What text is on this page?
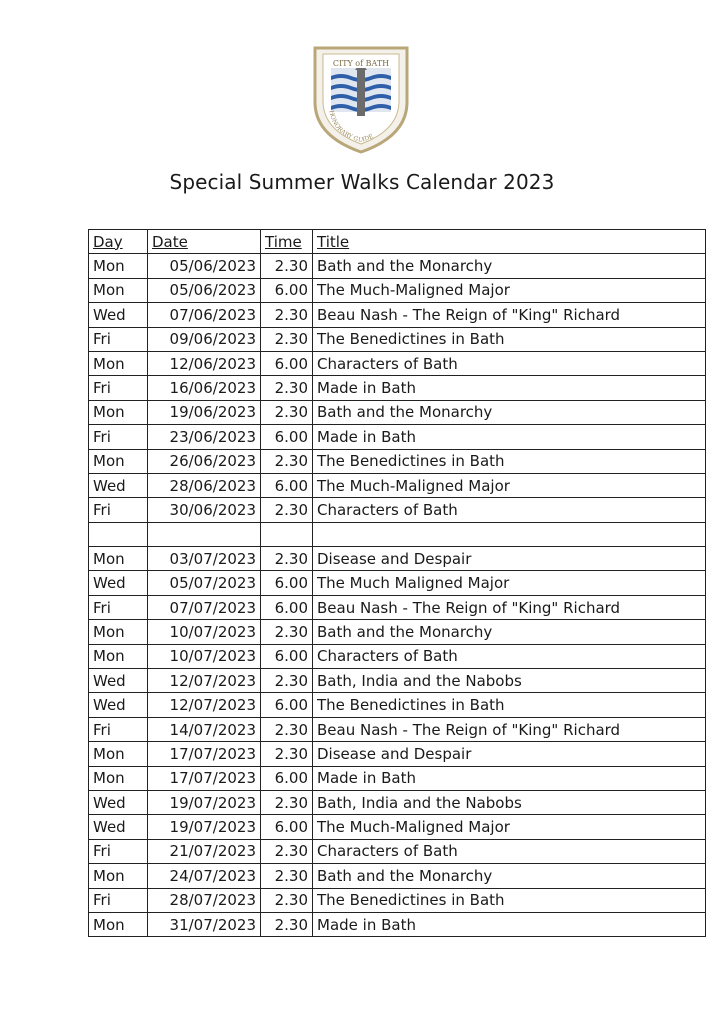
CITY of BATH
HONORARY GUIDE
Special Summer Walks Calendar 2023
Day	Date	Time	Title
Mon	05/06/2023	2.30	Bath and the Monarchy
Mon	05/06/2023	6.00	The Much-Maligned Major
Wed	07/06/2023	2.30	Beau Nash - The Reign of "King" Richard
Fri	09/06/2023	2.30	The Benedictines in Bath
Mon	12/06/2023	6.00	Characters of Bath
Fri	16/06/2023	2.30	Made in Bath
Mon	19/06/2023	2.30	Bath and the Monarchy
Fri	23/06/2023	6.00	Made in Bath
Mon	26/06/2023	2.30	The Benedictines in Bath
Wed	28/06/2023	6.00	The Much-Maligned Major
Fri	30/06/2023	2.30	Characters of Bath

Mon	03/07/2023	2.30	Disease and Despair
Wed	05/07/2023	6.00	The Much Maligned Major
Fri	07/07/2023	6.00	Beau Nash - The Reign of "King" Richard
Mon	10/07/2023	2.30	Bath and the Monarchy
Mon	10/07/2023	6.00	Characters of Bath
Wed	12/07/2023	2.30	Bath, India and the Nabobs
Wed	12/07/2023	6.00	The Benedictines in Bath
Fri	14/07/2023	2.30	Beau Nash - The Reign of "King" Richard
Mon	17/07/2023	2.30	Disease and Despair
Mon	17/07/2023	6.00	Made in Bath
Wed	19/07/2023	2.30	Bath, India and the Nabobs
Wed	19/07/2023	6.00	The Much-Maligned Major
Fri	21/07/2023	2.30	Characters of Bath
Mon	24/07/2023	2.30	Bath and the Monarchy
Fri	28/07/2023	2.30	The Benedictines in Bath
Mon	31/07/2023	2.30	Made in Bath
